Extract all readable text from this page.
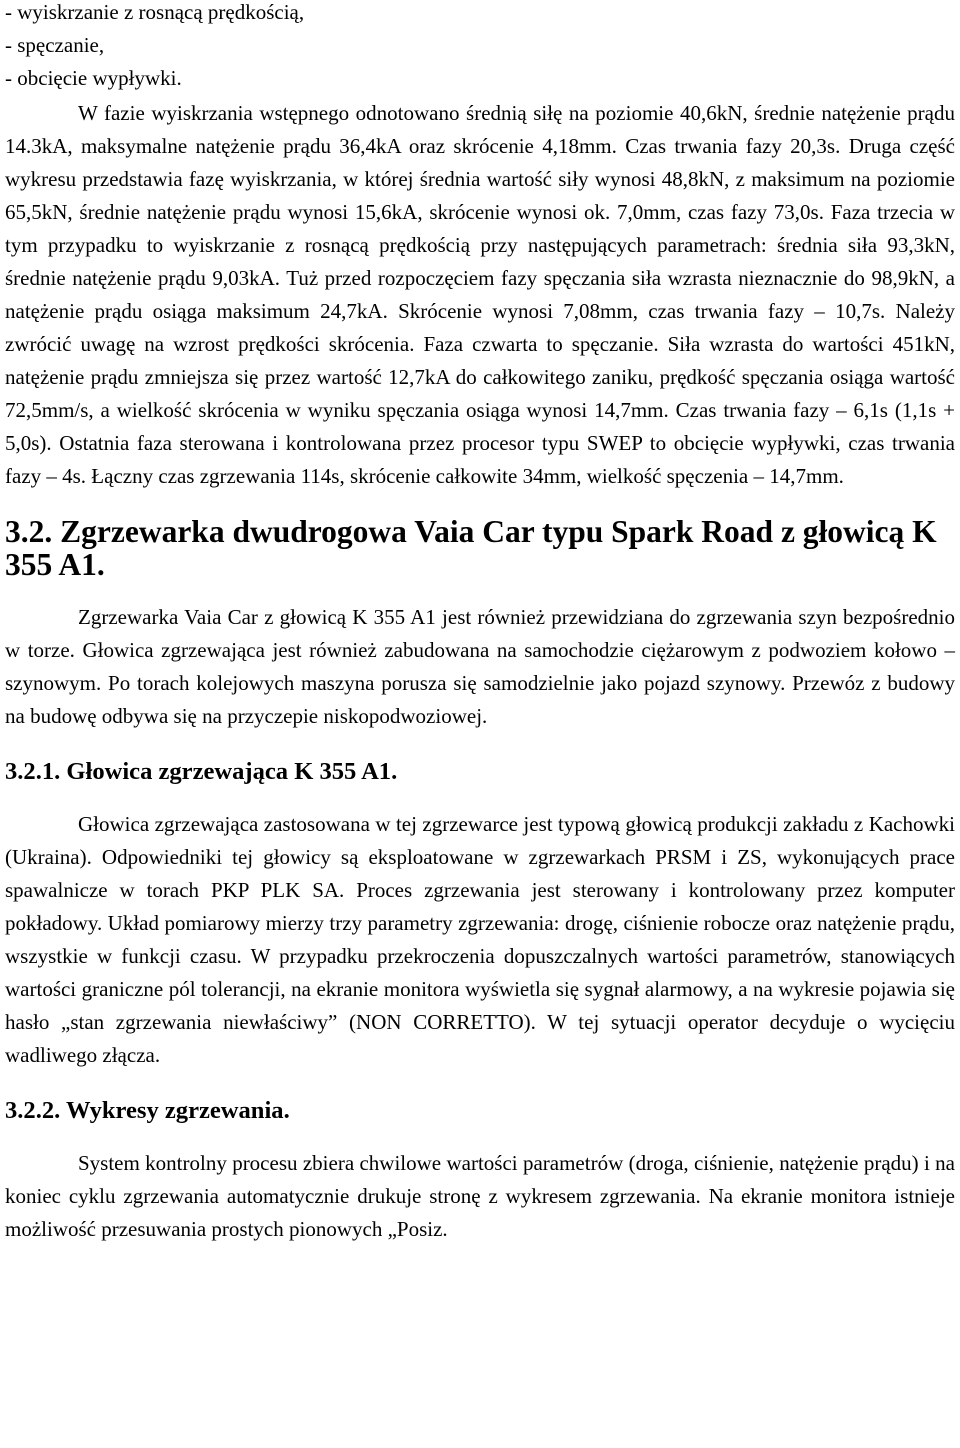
- wyiskrzanie z rosnącą prędkością,

- spęczanie,

- obcięcie wypływki.

W fazie wyiskrzania wstępnego odnotowano średnią siłę na poziomie 40,6kN, średnie natężenie prądu 14.3kA, maksymalne natężenie prądu 36,4kA oraz skrócenie 4,18mm. Czas trwania fazy 20,3s. Druga część wykresu przedstawia fazę wyiskrzania, w której średnia wartość siły wynosi 48,8kN, z maksimum na poziomie 65,5kN, średnie natężenie prądu wynosi 15,6kA, skrócenie wynosi ok. 7,0mm, czas fazy 73,0s. Faza trzecia w tym przypadku to wyiskrzanie z rosnącą prędkością przy następujących parametrach: średnia siła 93,3kN, średnie natężenie prądu 9,03kA. Tuż przed rozpoczęciem fazy spęczania siła wzrasta nieznacznie do 98,9kN, a natężenie prądu osiąga maksimum 24,7kA. Skrócenie wynosi 7,08mm, czas trwania fazy – 10,7s. Należy zwrócić uwagę na wzrost prędkości skrócenia. Faza czwarta to spęczanie. Siła wzrasta do wartości 451kN, natężenie prądu zmniejsza się przez wartość 12,7kA do całkowitego zaniku, prędkość spęczania osiąga wartość 72,5mm/s, a wielkość skrócenia w wyniku spęczania osiąga wynosi 14,7mm. Czas trwania fazy – 6,1s (1,1s + 5,0s). Ostatnia faza sterowana i kontrolowana przez procesor typu SWEP to obcięcie wypływki, czas trwania fazy – 4s. Łączny czas zgrzewania 114s, skrócenie całkowite 34mm, wielkość spęczenia – 14,7mm.

3.2. Zgrzewarka dwudrogowa Vaia Car typu Spark Road z głowicą K 355 A1.

Zgrzewarka Vaia Car z głowicą K 355 A1 jest również przewidziana do zgrzewania szyn bezpośrednio w torze. Głowica zgrzewająca jest również zabudowana na samochodzie ciężarowym z podwoziem kołowo – szynowym. Po torach kolejowych maszyna porusza się samodzielnie jako pojazd szynowy. Przewóz z budowy na budowę odbywa się na przyczepie niskopodwoziowej.

3.2.1. Głowica zgrzewająca K 355 A1.

Głowica zgrzewająca zastosowana w tej zgrzewarce jest typową głowicą produkcji zakładu z Kachowki (Ukraina). Odpowiedniki tej głowicy są eksploatowane w zgrzewarkach PRSM i ZS, wykonujących prace spawalnicze w torach PKP PLK SA. Proces zgrzewania jest sterowany i kontrolowany przez komputer pokładowy. Układ pomiarowy mierzy trzy parametry zgrzewania: drogę, ciśnienie robocze oraz natężenie prądu, wszystkie w funkcji czasu. W przypadku przekroczenia dopuszczalnych wartości parametrów, stanowiących wartości graniczne pól tolerancji, na ekranie monitora wyświetla się sygnał alarmowy, a na wykresie pojawia się hasło „stan zgrzewania niewłaściwy” (NON CORRETTO). W tej sytuacji operator decyduje o wycięciu wadliwego złącza.

3.2.2. Wykresy zgrzewania.

System kontrolny procesu zbiera chwilowe wartości parametrów (droga, ciśnienie, natężenie prądu) i na koniec cyklu zgrzewania automatycznie drukuje stronę z wykresem zgrzewania. Na ekranie monitora istnieje możliwość przesuwania prostych pionowych „Posiz.
